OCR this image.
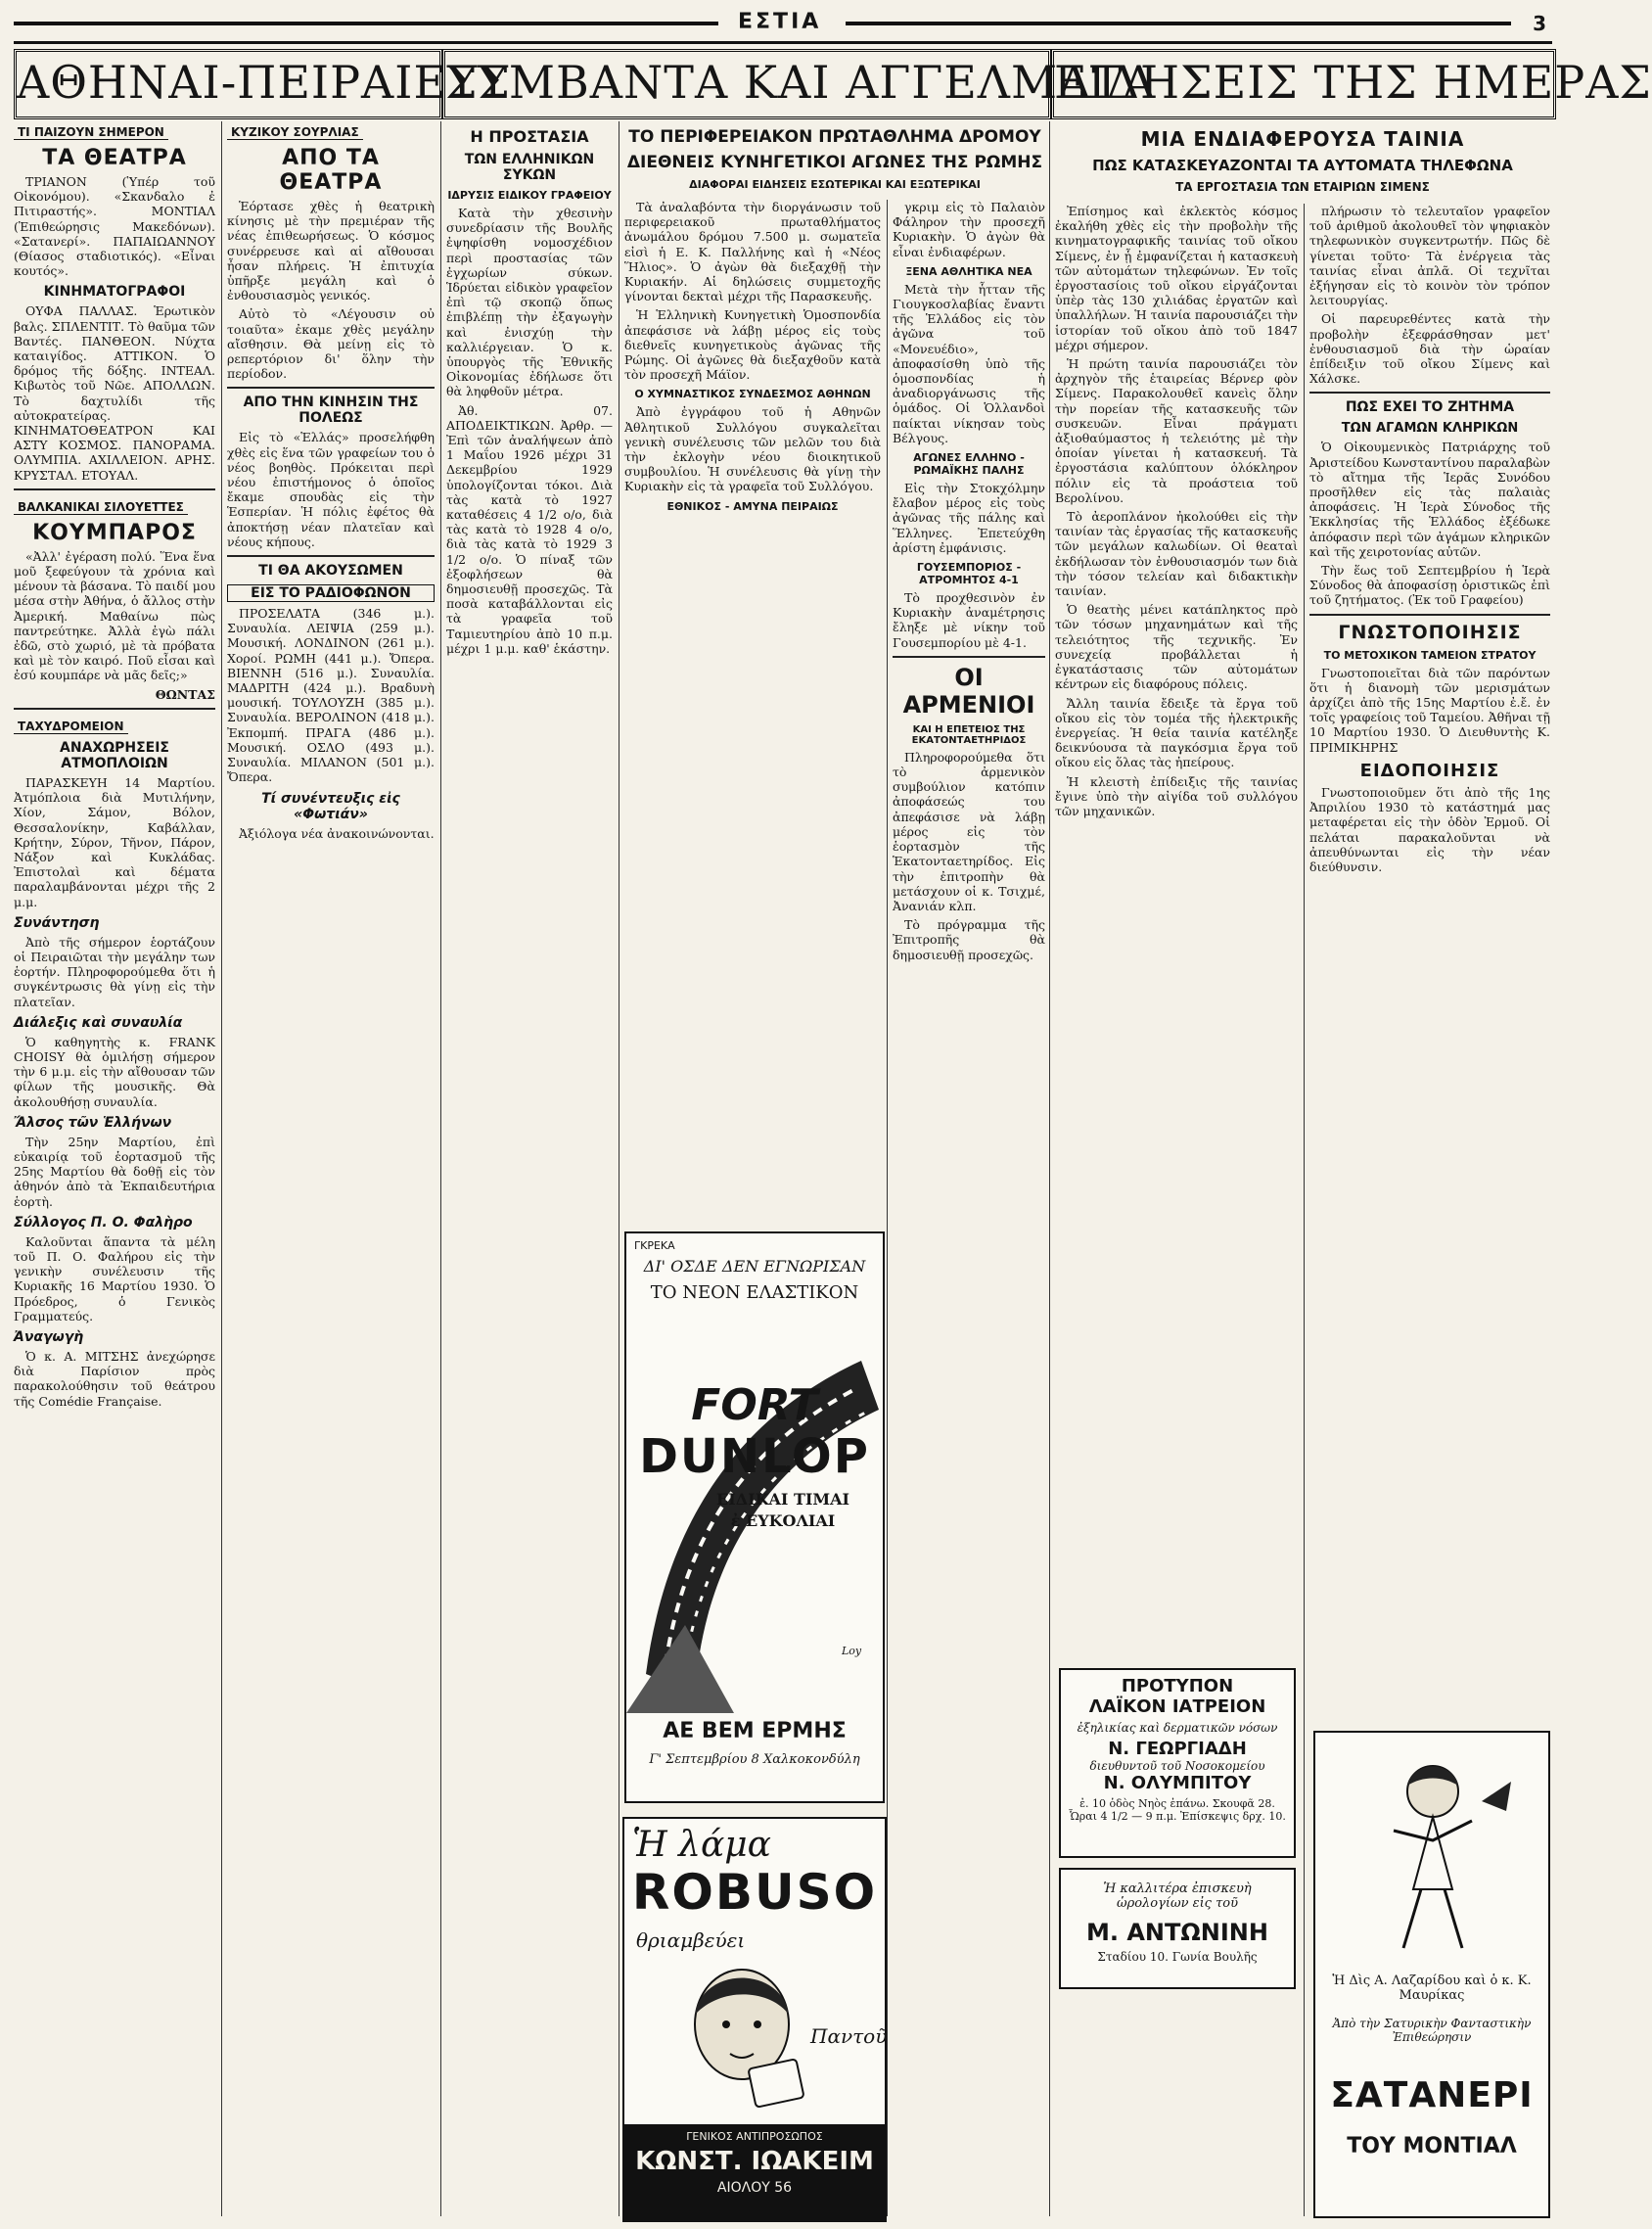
ΕΣΤΙΑ	3
ΑΘΗΝΑΙ-ΠΕΙΡΑΙΕΥΣ
ΣΥΜΒΑΝΤΑ ΚΑΙ ΑΓΓΕΛΜΑΤΑ
ΕΙΔΗΣΕΙΣ ΤΗΣ ΗΜΕΡΑΣ
ΤΙ ΠΑΙΖΟΥΝ ΣΗΜΕΡΟΝ
ΤΑ ΘΕΑΤΡΑ

ΤΡΙΑΝΟΝ (Ὑπέρ τοῦ Οἰκονόμου). «Σκανδαλο ἐ Πιτιραστής». ΜΟΝΤΙΑΛ (Ἑπιθεώρησις Μακεδόνων). «Σατανερί». ΠΑΠΑΙΩΑΝΝΟΥ (Θίασος σταδιοτικός). «Εἶναι κουτός».

ΚΙΝΗΜΑΤΟΓΡΑΦΟΙ

ΟΥΦΑ ΠΑΛΛΑΣ. Ἑρωτικὸν βαλς. ΣΠΛΕΝΤΙΤ. Τὸ θαῦμα τῶν Βαντές. ΠΑΝΘΕΟΝ. Νύχτα καταιγίδος. ΑΤΤΙΚΟΝ. Ὁ δρόμος τῆς δόξης. ΙΝΤΕΑΛ. Κιβωτὸς τοῦ Νῶε. ΑΠΟΛΛΩΝ. Τὸ δαχτυλίδι τῆς αὐτοκρατείρας. ΚΙΝΗΜΑΤΟΘΕΑΤΡΟΝ ΚΑΙ ΑΣΤΥ ΚΟΣΜΟΣ. ΠΑΝΟΡΑΜΑ. ΟΛΥΜΠΙΑ. ΑΧΙΛΛΕΙΟΝ. ΑΡΗΣ. ΚΡΥΣΤΑΛ. ΕΤΟΥΑΛ.

ΒΑΛΚΑΝΙΚΑΙ ΣΙΛΟΥΕΤΤΕΣ
ΚΟΥΜΠΑΡΟΣ

«Ἀλλ' ἐγέραση πολύ. Ἕνα ἕνα μοῦ ξεφεύγουν τὰ χρόνια καὶ μένουν τὰ βάσανα. Τὸ παιδί μου μέσα στὴν Ἀθήνα, ὁ ἄλλος στὴν Ἀμερική. Μαθαίνω πὼς παντρεύτηκε. Ἀλλὰ ἐγὼ πάλι ἐδῶ, στὸ χωριό, μὲ τὰ πρόβατα καὶ μὲ τὸν καιρό. Ποῦ εἶσαι καὶ ἐσύ κουμπάρε νὰ μᾶς δεῖς;»

ΘΩΝΤΑΣ

ΤΑΧΥΔΡΟΜΕΙΟΝ
ΑΝΑΧΩΡΗΣΕΙΣ ΑΤΜΟΠΛΟΙΩΝ

ΠΑΡΑΣΚΕΥΗ 14 Μαρτίου. Ἀτμόπλοια διὰ Μυτιλήνην, Χίον, Σάμον, Βόλον, Θεσσαλονίκην, Καβάλλαν, Κρήτην, Σύρον, Τῆνον, Πάρον, Νάξον καὶ Κυκλάδας. Ἐπιστολαὶ καὶ δέματα παραλαμβάνονται μέχρι τῆς 2 μ.μ.

Συνάντηση

Ἀπὸ τῆς σήμερον ἑορτάζουν οἱ Πειραιῶται τὴν μεγάλην των ἑορτήν. Πληροφορούμεθα ὅτι ἡ συγκέντρωσις θὰ γίνῃ εἰς τὴν πλατεῖαν.

Διάλεξις καὶ συναυλία

Ὁ καθηγητὴς κ. FRANK CHOISY θὰ ὁμιλήσῃ σήμερον τὴν 6 μ.μ. εἰς τὴν αἴθουσαν τῶν φίλων τῆς μουσικῆς. Θὰ ἀκολουθήσῃ συναυλία.

Ἄλσος τῶν Ἑλλήνων

Τὴν 25ην Μαρτίου, ἐπὶ εὐκαιρίᾳ τοῦ ἑορτασμοῦ τῆς 25ης Μαρτίου θὰ δοθῇ εἰς τὸν ἀθηνόν ἀπὸ τὰ Ἐκπαιδευτήρια ἑορτὴ.

Σύλλογος Π. Ο. Φαλὴρο

Καλοῦνται ἅπαντα τὰ μέλη τοῦ Π. Ο. Φαλήρου εἰς τὴν γενικὴν συνέλευσιν τῆς Κυριακῆς 16 Μαρτίου 1930. Ὁ Πρόεδρος, ὁ Γενικὸς Γραμματεύς.

Ἀναγωγὴ

Ὁ κ. Α. ΜΙΤΣΗΣ ἀνεχώρησε διὰ Παρίσιον πρὸς παρακολούθησιν τοῦ θεάτρου τῆς Comédie Française.

ΚΥΖΙΚΟΥ ΣΟΥΡΛΙΑΣ
ΑΠΟ ΤΑ ΘΕΑΤΡΑ

Ἑόρτασε χθὲς ἡ θεατρικὴ κίνησις μὲ τὴν πρεμιέραν τῆς νέας ἐπιθεωρήσεως. Ὁ κόσμος συνέρρευσε καὶ αἱ αἴθουσαι ἦσαν πλήρεις. Ἡ ἐπιτυχία ὑπῆρξε μεγάλη καὶ ὁ ἐνθουσιασμὸς γενικός.

Αὐτὸ τὸ «Λέγουσιν οὐ τοιαῦτα» ἐκαμε χθὲς μεγάλην αἴσθησιν. Θὰ μείνῃ εἰς τὸ ρεπερτόριον δι' ὅλην τὴν περίοδον.

ΑΠΟ ΤΗΝ ΚΙΝΗΣΙΝ ΤΗΣ ΠΟΛΕΩΣ

Εἰς τὸ «Ἑλλάς» προσελήφθη χθὲς εἰς ἕνα τῶν γραφείων του ὁ νέος βοηθὸς. Πρόκειται περὶ νέου ἐπιστήμονος ὁ ὁποῖος ἔκαμε σπουδὰς εἰς τὴν Ἑσπερίαν. Ἡ πόλις ἐφέτος θὰ ἀποκτήσῃ νέαν πλατεῖαν καὶ νέους κήπους.

ΤΙ ΘΑ ΑΚΟΥΣΩΜΕΝ
ΕΙΣ ΤΟ ΡΑΔΙΟΦΩΝΟΝ

ΠΡΟΣΕΛΑΤΑ (346 μ.). Συναυλία. ΛΕΙΨΙΑ (259 μ.). Μουσική. ΛΟΝΔΙΝΟΝ (261 μ.). Χοροί. ΡΩΜΗ (441 μ.). Ὄπερα. ΒΙΕΝΝΗ (516 μ.). Συναυλία. ΜΑΔΡΙΤΗ (424 μ.). Βραδυνὴ μουσική. ΤΟΥΛΟΥΖΗ (385 μ.). Συναυλία. ΒΕΡΟΛΙΝΟΝ (418 μ.). Ἐκπομπή. ΠΡΑΓΑ (486 μ.). Μουσική. ΟΣΛΟ (493 μ.). Συναυλία. ΜΙΛΑΝΟΝ (501 μ.). Ὄπερα.

Τί συνέντευξις εἰς «Φωτιάν»

Ἀξιόλογα νέα ἀνακοινώνονται.

Η ΠΡΟΣΤΑΣΙΑ
ΤΩΝ ΕΛΛΗΝΙΚΩΝ ΣΥΚΩΝ
ΙΔΡΥΣΙΣ ΕΙΔΙΚΟΥ ΓΡΑΦΕΙΟΥ

Κατὰ τὴν χθεσινὴν συνεδρίασιν τῆς Βουλῆς ἐψηφίσθη νομοσχέδιον περὶ προστασίας τῶν ἐγχωρίων σύκων. Ἱδρύεται εἰδικὸν γραφεῖον ἐπὶ τῷ σκοπῷ ὅπως ἐπιβλέπῃ τὴν ἐξαγωγὴν καὶ ἐνισχύῃ τὴν καλλιέργειαν. Ὁ κ. ὑπουργὸς τῆς Ἐθνικῆς Οἰκονομίας ἐδήλωσε ὅτι θὰ ληφθοῦν μέτρα.

Ἀθ. 07. ΑΠΟΔΕΙΚΤΙΚΩΝ. Ἀρθρ. — Ἐπὶ τῶν ἀναλήψεων ἀπὸ 1 Μαΐου 1926 μέχρι 31 Δεκεμβρίου 1929 ὑπολογίζονται τόκοι. Διὰ τὰς κατὰ τὸ 1927 καταθέσεις 4 1/2 ο/ο, διὰ τὰς κατὰ τὸ 1928 4 ο/ο, διὰ τὰς κατὰ τὸ 1929 3 1/2 ο/ο. Ὁ πίναξ τῶν ἐξοφλήσεων θὰ δημοσιευθῇ προσεχῶς. Τὰ ποσὰ καταβάλλονται εἰς τὰ γραφεῖα τοῦ Ταμιευτηρίου ἀπὸ 10 π.μ. μέχρι 1 μ.μ. καθ' ἑκάστην.

ΤΟ ΠΕΡΙΦΕΡΕΙΑΚΟΝ ΠΡΩΤΑΘΛΗΜΑ ΔΡΟΜΟΥ
ΔΙΕΘΝΕΙΣ ΚΥΝΗΓΕΤΙΚΟΙ ΑΓΩΝΕΣ ΤΗΣ ΡΩΜΗΣ
ΔΙΑΦΟΡΑΙ ΕΙΔΗΣΕΙΣ ΕΣΩΤΕΡΙΚΑΙ ΚΑΙ ΕΞΩΤΕΡΙΚΑΙ

Τὰ ἀναλαβόντα τὴν διοργάνωσιν τοῦ περιφερειακοῦ πρωταθλήματος ἀνωμάλου δρόμου 7.500 μ. σωματεῖα εἰσὶ ἡ Ε. Κ. Παλλήνης καὶ ἡ «Νέος Ἥλιος». Ὁ ἀγὼν θὰ διεξαχθῇ τὴν Κυριακήν. Αἱ δηλώσεις συμμετοχῆς γίνονται δεκταὶ μέχρι τῆς Παρασκευῆς.

Ἡ Ἑλληνικὴ Κυνηγετικὴ Ὁμοσπονδία ἀπεφάσισε νὰ λάβῃ μέρος εἰς τοὺς διεθνεῖς κυνηγετικοὺς ἀγῶνας τῆς Ρώμης. Οἱ ἀγῶνες θὰ διεξαχθοῦν κατὰ τὸν προσεχῆ Μάϊον.

Ο ΧΥΜΝΑΣΤΙΚΟΣ ΣΥΝΔΕΣΜΟΣ ΑΘΗΝΩΝ

Ἀπὸ ἐγγράφου τοῦ ἡ Αθηνῶν Ἀθλητικοῦ Συλλόγου συγκαλεῖται γενικὴ συνέλευσις τῶν μελῶν του διὰ τὴν ἐκλογὴν νέου διοικητικοῦ συμβουλίου. Ἡ συνέλευσις θὰ γίνῃ τὴν Κυριακὴν εἰς τὰ γραφεῖα τοῦ Συλλόγου.

ΕΘΝΙΚΟΣ - ΑΜΥΝΑ ΠΕΙΡΑΙΩΣ
ΓΚΡΕΚΑ
ΔΙ' ΟΣΔΕ ΔΕΝ ΕΓΝΩΡΙΣΑΝ
ΤΟ ΝΕΟΝ ΕΛΑΣΤΙΚΟΝ
FORT
DUNLOP
ΕΙΔΙΚΑΙ ΤΙΜΑΙ
ἐ ΕΥΚΟΛΙΑΙ
Loy
ΑΕ ΒΕΜ ΕΡΜΗΣ
Γ' Σεπτεμβρίου 8 Χαλκοκονδύλη
Ἡ λάμα
ROBUSO
θριαμβεύει
Παντοῦ
ΓΕΝΙΚΟΣ ΑΝΤΙΠΡΟΣΩΠΟΣ
ΚΩΝΣΤ. ΙΩΑΚΕΙΜ
ΑΙΟΛΟΥ 56

γκριμ εἰς τὸ Παλαιὸν Φάληρον τὴν προσεχῆ Κυριακὴν. Ὁ ἀγὼν θὰ εἶναι ἐνδιαφέρων.

ΞΕΝΑ ΑΘΛΗΤΙΚΑ ΝΕΑ

Μετὰ τὴν ἧτταν τῆς Γιουγκοσλαβίας ἔναντι τῆς Ἑλλάδος εἰς τὸν ἀγῶνα τοῦ «Μονευέδιο», ἀποφασίσθη ὑπὸ τῆς ὁμοσπονδίας ἡ ἀναδιοργάνωσις τῆς ὁμάδος. Οἱ Ὁλλανδοὶ παίκται νίκησαν τοὺς Βέλγους.

ΑΓΩΝΕΣ ΕΛΛΗΝΟ - ΡΩΜΑΪΚΗΣ ΠΑΛΗΣ

Εἰς τὴν Στοκχόλμην ἔλαβον μέρος εἰς τοὺς ἀγῶνας τῆς πάλης καὶ Ἕλληνες. Ἐπετεύχθη ἀρίστη ἐμφάνισις.

ΓΟΥΣΕΜΠΟΡΙΟΣ - ΑΤΡΟΜΗΤΟΣ 4-1

Τὸ προχθεσινὸν ἐν Κυριακὴν ἀναμέτρησις ἔληξε μὲ νίκην τοῦ Γουσεμπορίου μὲ 4-1.

ΟΙ ΑΡΜΕΝΙΟΙ
ΚΑΙ Η ΕΠΕΤΕΙΟΣ ΤΗΣ ΕΚΑΤΟΝΤΑΕΤΗΡΙΔΟΣ

Πληροφορούμεθα ὅτι τὸ ἀρμενικὸν συμβούλιον κατόπιν ἀποφάσεώς του ἀπεφάσισε νὰ λάβῃ μέρος εἰς τὸν ἑορτασμὸν τῆς Ἑκατονταετηρίδος. Εἰς τὴν ἐπιτροπὴν θὰ μετάσχουν οἱ κ. Τσιχμέ, Ἀνανιάν κλπ.

Τὸ πρόγραμμα τῆς Ἐπιτροπῆς θὰ δημοσιευθῇ προσεχῶς.

ΜΙΑ ΕΝΔΙΑΦΕΡΟΥΣΑ ΤΑΙΝΙΑ
ΠΩΣ ΚΑΤΑΣΚΕΥΑΖΟΝΤΑΙ ΤΑ ΑΥΤΟΜΑΤΑ ΤΗΛΕΦΩΝΑ
ΤΑ ΕΡΓΟΣΤΑΣΙΑ ΤΩΝ ΕΤΑΙΡΙΩΝ ΣΙΜΕΝΣ

Ἐπίσημος καὶ ἐκλεκτὸς κόσμος ἐκαλήθη χθὲς εἰς τὴν προβολὴν τῆς κινηματογραφικῆς ταινίας τοῦ οἴκου Σίμενς, ἐν ᾗ ἐμφανίζεται ἡ κατασκευὴ τῶν αὐτομάτων τηλεφώνων. Ἐν τοῖς ἐργοστασίοις τοῦ οἴκου εἰργάζονται ὑπὲρ τὰς 130 χιλιάδας ἐργατῶν καὶ ὑπαλλήλων. Ἡ ταινία παρουσιάζει τὴν ἱστορίαν τοῦ οἴκου ἀπὸ τοῦ 1847 μέχρι σήμερον.

Ἡ πρώτη ταινία παρουσιάζει τὸν ἀρχηγὸν τῆς ἑταιρείας Βέρνερ φὸν Σίμενς. Παρακολουθεῖ κανεὶς ὅλην τὴν πορείαν τῆς κατασκευῆς τῶν συσκευῶν. Εἶναι πράγματι ἀξιοθαύμαστος ἡ τελειότης μὲ τὴν ὁποίαν γίνεται ἡ κατασκευή. Τὰ ἐργοστάσια καλύπτουν ὁλόκληρον πόλιν εἰς τὰ προάστεια τοῦ Βερολίνου.

Τὸ ἀεροπλάνον ἠκολούθει εἰς τὴν ταινίαν τὰς ἐργασίας τῆς κατασκευῆς τῶν μεγάλων καλωδίων. Οἱ θεαταὶ ἐκδήλωσαν τὸν ἐνθουσιασμόν των διὰ τὴν τόσον τελείαν καὶ διδακτικὴν ταινίαν.

Ὁ θεατὴς μένει κατάπληκτος πρὸ τῶν τόσων μηχανημάτων καὶ τῆς τελειότητος τῆς τεχνικῆς. Ἐν συνεχείᾳ προβάλλεται ἡ ἐγκατάστασις τῶν αὐτομάτων κέντρων εἰς διαφόρους πόλεις.

Ἄλλη ταινία ἔδειξε τὰ ἔργα τοῦ οἴκου εἰς τὸν τομέα τῆς ἠλεκτρικῆς ἐνεργείας. Ἡ θεία ταινία κατέληξε δεικνύουσα τὰ παγκόσμια ἔργα τοῦ οἴκου εἰς ὅλας τὰς ἠπείρους.

Ἡ κλειστὴ ἐπίδειξις τῆς ταινίας ἔγινε ὑπὸ τὴν αἰγίδα τοῦ συλλόγου τῶν μηχανικῶν.

ΠΡΟΤΥΠΟΝ
ΛΑΪΚΟΝ ΙΑΤΡΕΙΟΝ
ἐξηλικίας καὶ δερματικῶν νόσων
Ν. ΓΕΩΡΓΙΑΔΗ
διευθυντοῦ τοῦ Νοσοκομείου
Ν. ΟΛΥΜΠΙΤΟΥ
ἐ. 10 ὁδὸς Νηὸς ἐπάνω. Σκουφᾶ 28. Ὧραι 4 1/2 — 9 π.μ. Ἐπίσκεψις δρχ. 10.
Ἡ καλλιτέρα ἐπισκευὴ ὡρολογίων εἰς τοῦ
Μ. ΑΝΤΩΝΙΝΗ
Σταδίου 10. Γωνία Βουλῆς

πλήρωσιν τὸ τελευταῖον γραφεῖον τοῦ ἀριθμοῦ ἀκολουθεῖ τὸν ψηφιακὸν τηλεφωνικὸν συγκεντρωτήν. Πῶς δὲ γίνεται τοῦτο· Τὰ ἐνέργεια τὰς ταινίας εἶναι ἀπλᾶ. Οἱ τεχνῖται ἐξήγησαν εἰς τὸ κοινὸν τὸν τρόπον λειτουργίας.

Οἱ παρευρεθέντες κατὰ τὴν προβολὴν ἐξεφράσθησαν μετ' ἐνθουσιασμοῦ διὰ τὴν ὡραίαν ἐπίδειξιν τοῦ οἴκου Σίμενς καὶ Χάλσκε.

ΠΩΣ ΕΧΕΙ ΤΟ ΖΗΤΗΜΑ
ΤΩΝ ΑΓΑΜΩΝ ΚΛΗΡΙΚΩΝ

Ὁ Οἰκουμενικὸς Πατριάρχης τοῦ Ἀριστείδου Κωνσταντίνου παραλαβὼν τὸ αἴτημα τῆς Ἱερᾶς Συνόδου προσῆλθεν εἰς τὰς παλαιὰς ἀποφάσεις. Ἡ Ἱερὰ Σύνοδος τῆς Ἐκκλησίας τῆς Ἑλλάδος ἐξέδωκε ἀπόφασιν περὶ τῶν ἀγάμων κληρικῶν καὶ τῆς χειροτονίας αὐτῶν.

Τὴν ἕως τοῦ Σεπτεμβρίου ἡ Ἱερὰ Σύνοδος θὰ ἀποφασίσῃ ὁριστικῶς ἐπὶ τοῦ ζητήματος. (Ἐκ τοῦ Γραφείου)

ΓΝΩΣΤΟΠΟΙΗΣΙΣ
ΤΟ ΜΕΤΟΧΙΚΟΝ ΤΑΜΕΙΟΝ ΣΤΡΑΤΟΥ

Γνωστοποιεῖται διὰ τῶν παρόντων ὅτι ἡ διανομὴ τῶν μερισμάτων ἀρχίζει ἀπὸ τῆς 15ης Μαρτίου ἐ.ἔ. ἐν τοῖς γραφείοις τοῦ Ταμείου. Ἀθῆναι τῇ 10 Μαρτίου 1930. Ὁ Διευθυντὴς Κ. ΠΡΙΜΙΚΗΡΗΣ

ΕΙΔΟΠΟΙΗΣΙΣ

Γνωστοποιοῦμεν ὅτι ἀπὸ τῆς 1ης Ἀπριλίου 1930 τὸ κατάστημά μας μεταφέρεται εἰς τὴν ὁδὸν Ἑρμοῦ. Οἱ πελάται παρακαλοῦνται νὰ ἀπευθύνωνται εἰς τὴν νέαν διεύθυνσιν.

Ἡ Δὶς Α. Λαζαρίδου καὶ ὁ κ. Κ. Μαυρίκας
Ἀπὸ τὴν Σατυρικὴν Φανταστικὴν Ἐπιθεώρησιν
ΣΑΤΑΝΕΡΙ
ΤΟΥ ΜΟΝΤΙΑΛ
